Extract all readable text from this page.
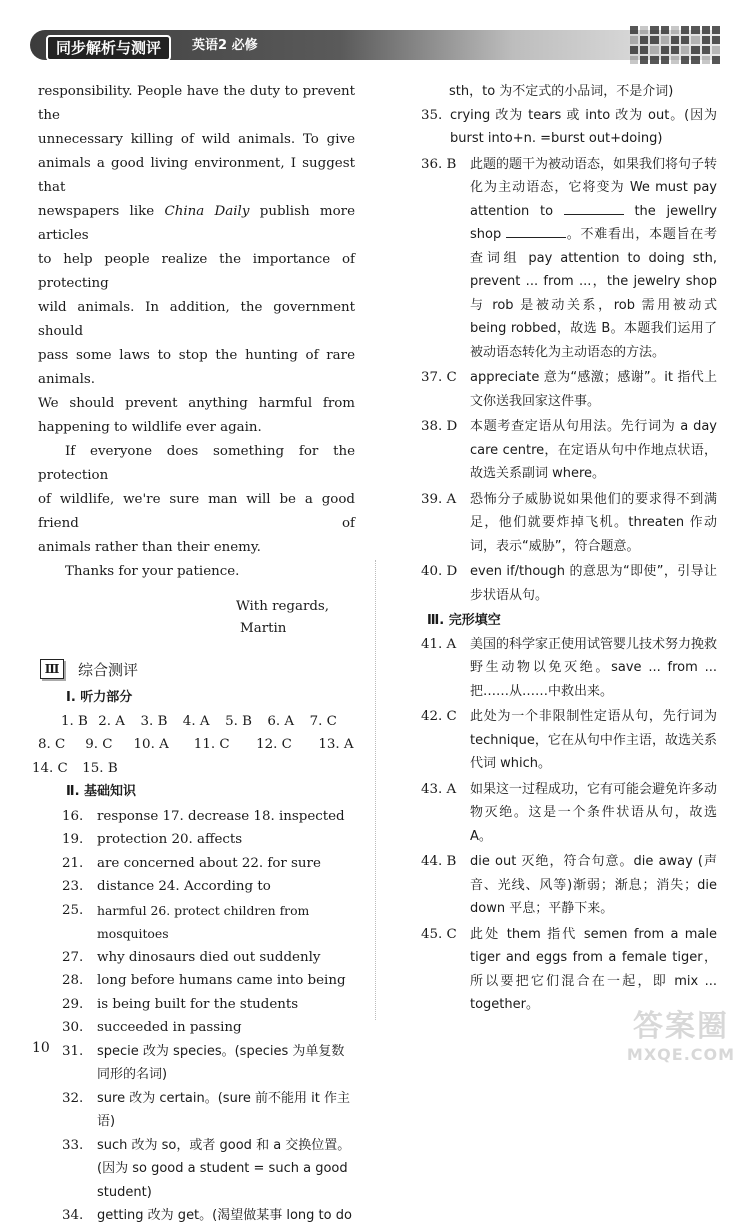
同步解析与测评	英语2 必修

responsibility. People have the duty to prevent the

unnecessary killing of wild animals. To give

animals a good living environment, I suggest that

newspapers like China Daily publish more articles

to help people realize the importance of protecting

wild animals. In addition, the government should

pass some laws to stop the hunting of rare animals.

We should prevent anything harmful from

happening to wildlife ever again.

If everyone does something for the protection

of wildlife, we're sure man will be a good friend of

animals rather than their enemy.

Thanks for your patience.

With regards,
Martin
Ⅲ	综合测评
Ⅰ. 听力部分
1. B 2. A 3. B 4. A 5. B 6. A 7. C
8. C 9. C 10. A 11. C 12. C 13. A
14. C 15. B
Ⅱ. 基础知识
16.	response 17. decrease 18. inspected
19.	protection 20. affects
21.	are concerned about 22. for sure
23.	distance 24. According to
25.	harmful 26. protect children from mosquitoes
27.	why dinosaurs died out suddenly
28.	long before humans came into being
29.	is being built for the students
30.	succeeded in passing
31.	specie 改为 species。(species 为单复数同形的名词)
32.	sure 改为 certain。(sure 前不能用 it 作主语)
33.	such 改为 so，或者 good 和 a 交换位置。(因为 so good a student = such a good student)
34.	getting 改为 get。(渴望做某事 long to do
sth，to 为不定式的小品词，不是介词)
35. crying 改为 tears 或 into 改为 out。(因为 burst into+n. =burst out+doing)
36. B	此题的题干为被动语态，如果我们将句子转化为主动语态，它将变为 We must pay attention to	the jewellry shop	。不难看出，本题旨在考查词组 pay attention to doing sth, prevent ... from ...，the jewelry shop 与 rob 是被动关系，rob 需用被动式 being robbed，故选 B。本题我们运用了被动语态转化为主动语态的方法。
37. C	appreciate 意为“感激；感谢”。it 指代上文你送我回家这件事。
38. D 本题考查定语从句用法。先行词为 a day care centre，在定语从句中作地点状语，故选关系副词 where。
39. A	恐怖分子威胁说如果他们的要求得不到满足，他们就要炸掉飞机。threaten 作动词，表示“威胁”，符合题意。
40. D even if/though 的意思为“即使”，引导让步状语从句。
Ⅲ. 完形填空
41. A	美国的科学家正使用试管婴儿技术努力挽救野生动物以免灭绝。save ... from ... 把……从……中救出来。
42. C	此处为一个非限制性定语从句，先行词为 technique，它在从句中作主语，故选关系代词 which。
43. A	如果这一过程成功，它有可能会避免许多动物灭绝。这是一个条件状语从句，故选 A。
44. B	die out 灭绝，符合句意。die away (声音、光线、风等)渐弱；渐息；消失；die down 平息；平静下来。
45. C	此处 them 指代 semen from a male tiger and eggs from a female tiger，所以要把它们混合在一起，即 mix ... together。
10
答案圈
MXQE.COM
